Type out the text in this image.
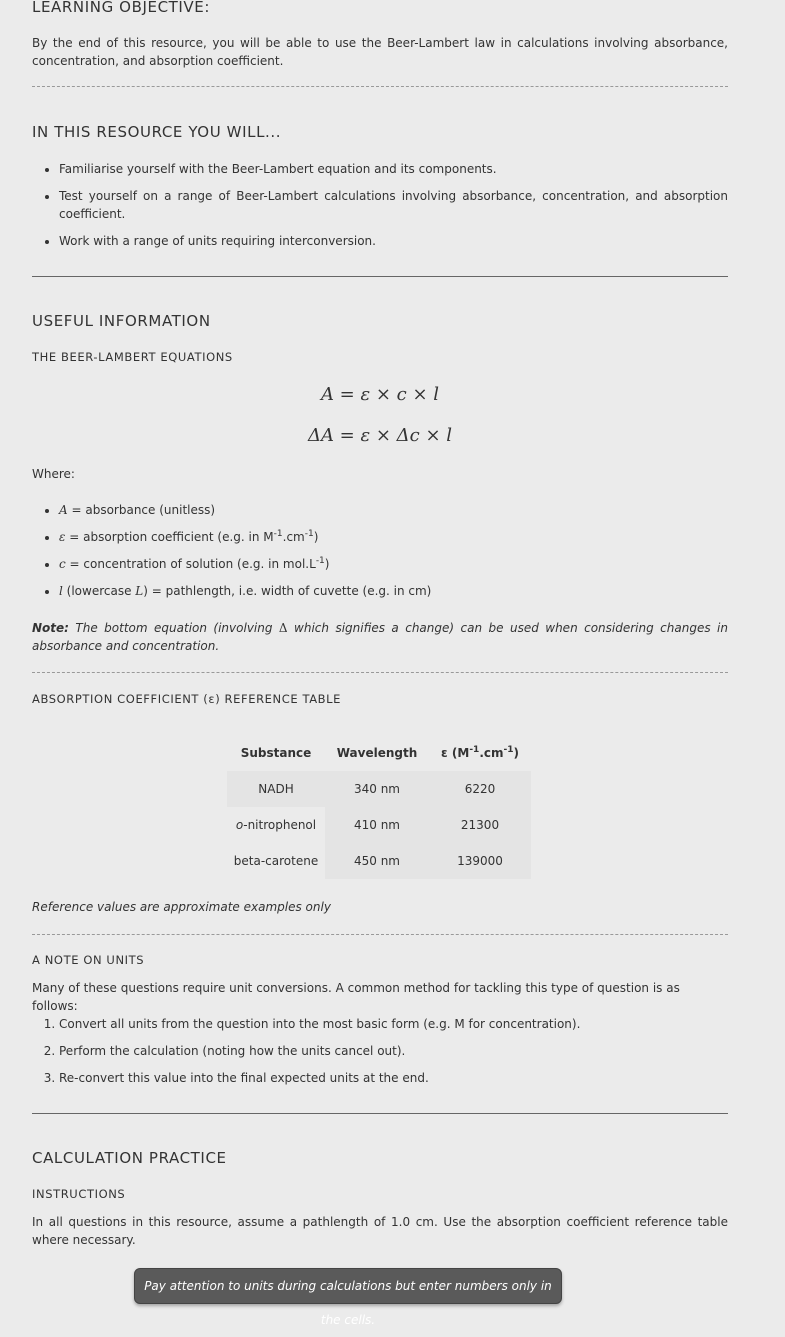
LEARNING OBJECTIVE:

By the end of this resource, you will be able to use the Beer-Lambert law in calculations involving absorbance, concentration, and absorption coefficient.

IN THIS RESOURCE YOU WILL...
• Familiarise yourself with the Beer-Lambert equation and its components.
• Test yourself on a range of Beer-Lambert calculations involving absorbance, concentration, and absorption coefficient.
• Work with a range of units requiring interconversion.
USEFUL INFORMATION
THE BEER-LAMBERT EQUATIONS
A = ε × c × l
ΔA = ε × Δc × l

Where:

• A = absorbance (unitless)
• ε = absorption coefficient (e.g. in $M^{-1}.cm^{-1}$)
• c = concentration of solution (e.g. in $mol.L^{-1}$)
• l (lowercase L) = pathlength, i.e. width of cuvette (e.g. in cm)

Note: The bottom equation (involving Δ which signifies a change) can be used when considering changes in absorbance and concentration.

ABSORPTION COEFFICIENT (ε) REFERENCE TABLE
Substance	Wavelength	ε $(M^{-1}.cm^{-1})$
NADH	340 nm	6220
o-nitrophenol	410 nm	21300
beta-carotene	450 nm	139000

Reference values are approximate examples only

A NOTE ON UNITS

Many of these questions require unit conversions. A common method for tackling this type of question is as follows:

1. Convert all units from the question into the most basic form (e.g. M for concentration).
2. Perform the calculation (noting how the units cancel out).
3. Re-convert this value into the final expected units at the end.
CALCULATION PRACTICE
INSTRUCTIONS

In all questions in this resource, assume a pathlength of 1.0 cm. Use the absorption coefficient reference table where necessary.

Pay attention to units during calculations but enter numbers only in the cells.
